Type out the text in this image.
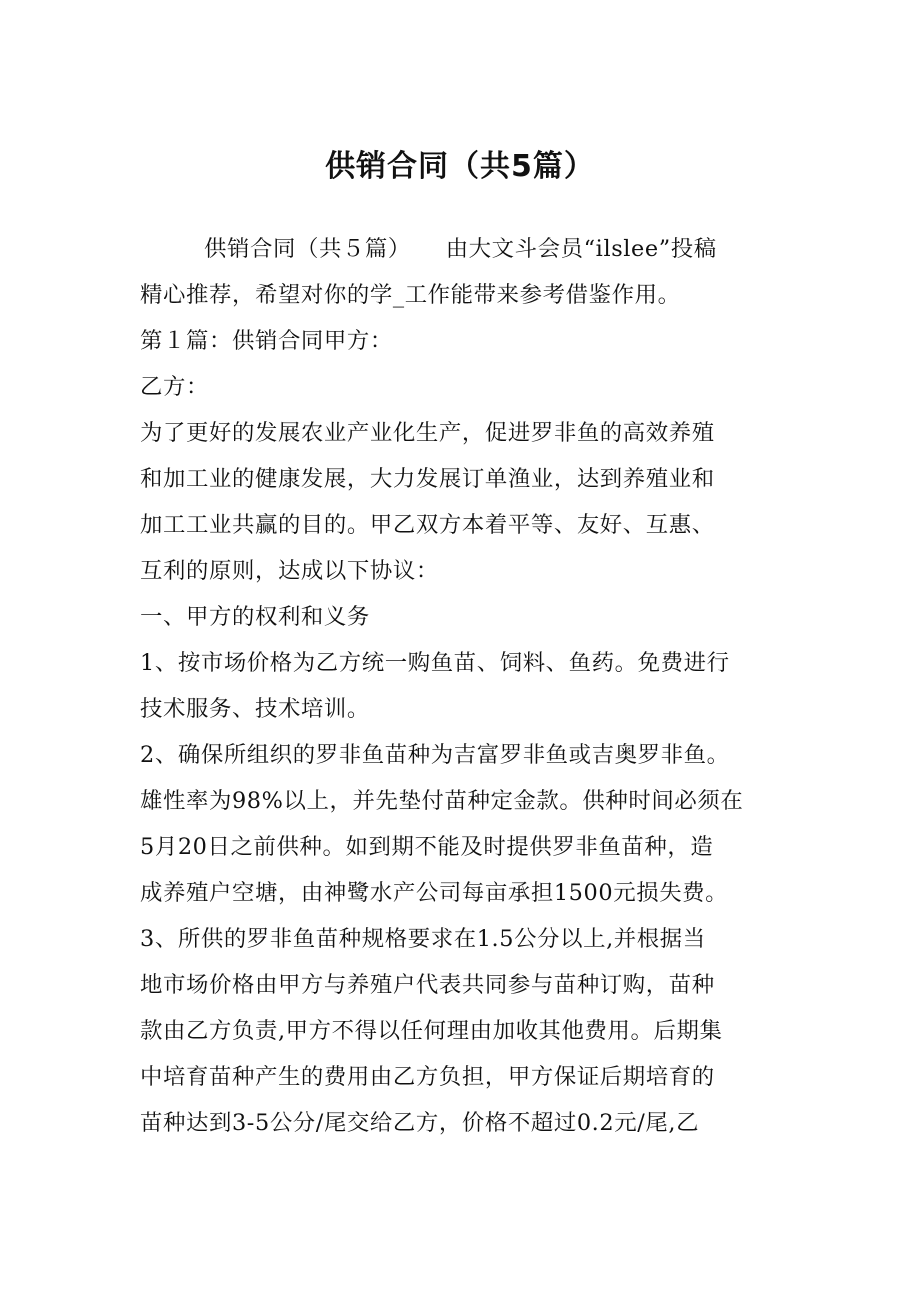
供销合同（共5篇）
供销合同（共５篇）　　由大文斗会员“ilslee”投稿
精心推荐，希望对你的学_工作能带来参考借鉴作用。
第１篇：供销合同甲方：
乙方：
为了更好的发展农业产业化生产，促进罗非鱼的高效养殖
和加工业的健康发展，大力发展订单渔业，达到养殖业和
加工工业共赢的目的。甲乙双方本着平等、友好、互惠、
互利的原则，达成以下协议：
一、甲方的权利和义务
1、按市场价格为乙方统一购鱼苗、饲料、鱼药。免费进行
技术服务、技术培训。
2、确保所组织的罗非鱼苗种为吉富罗非鱼或吉奥罗非鱼。
雄性率为98%以上，并先垫付苗种定金款。供种时间必须在
5月20日之前供种。如到期不能及时提供罗非鱼苗种，造
成养殖户空塘，由神鹭水产公司每亩承担1500元损失费。
3、所供的罗非鱼苗种规格要求在1.5公分以上,并根据当
地市场价格由甲方与养殖户代表共同参与苗种订购，苗种
款由乙方负责,甲方不得以任何理由加收其他费用。后期集
中培育苗种产生的费用由乙方负担，甲方保证后期培育的
苗种达到3-5公分/尾交给乙方，价格不超过0.2元/尾,乙
